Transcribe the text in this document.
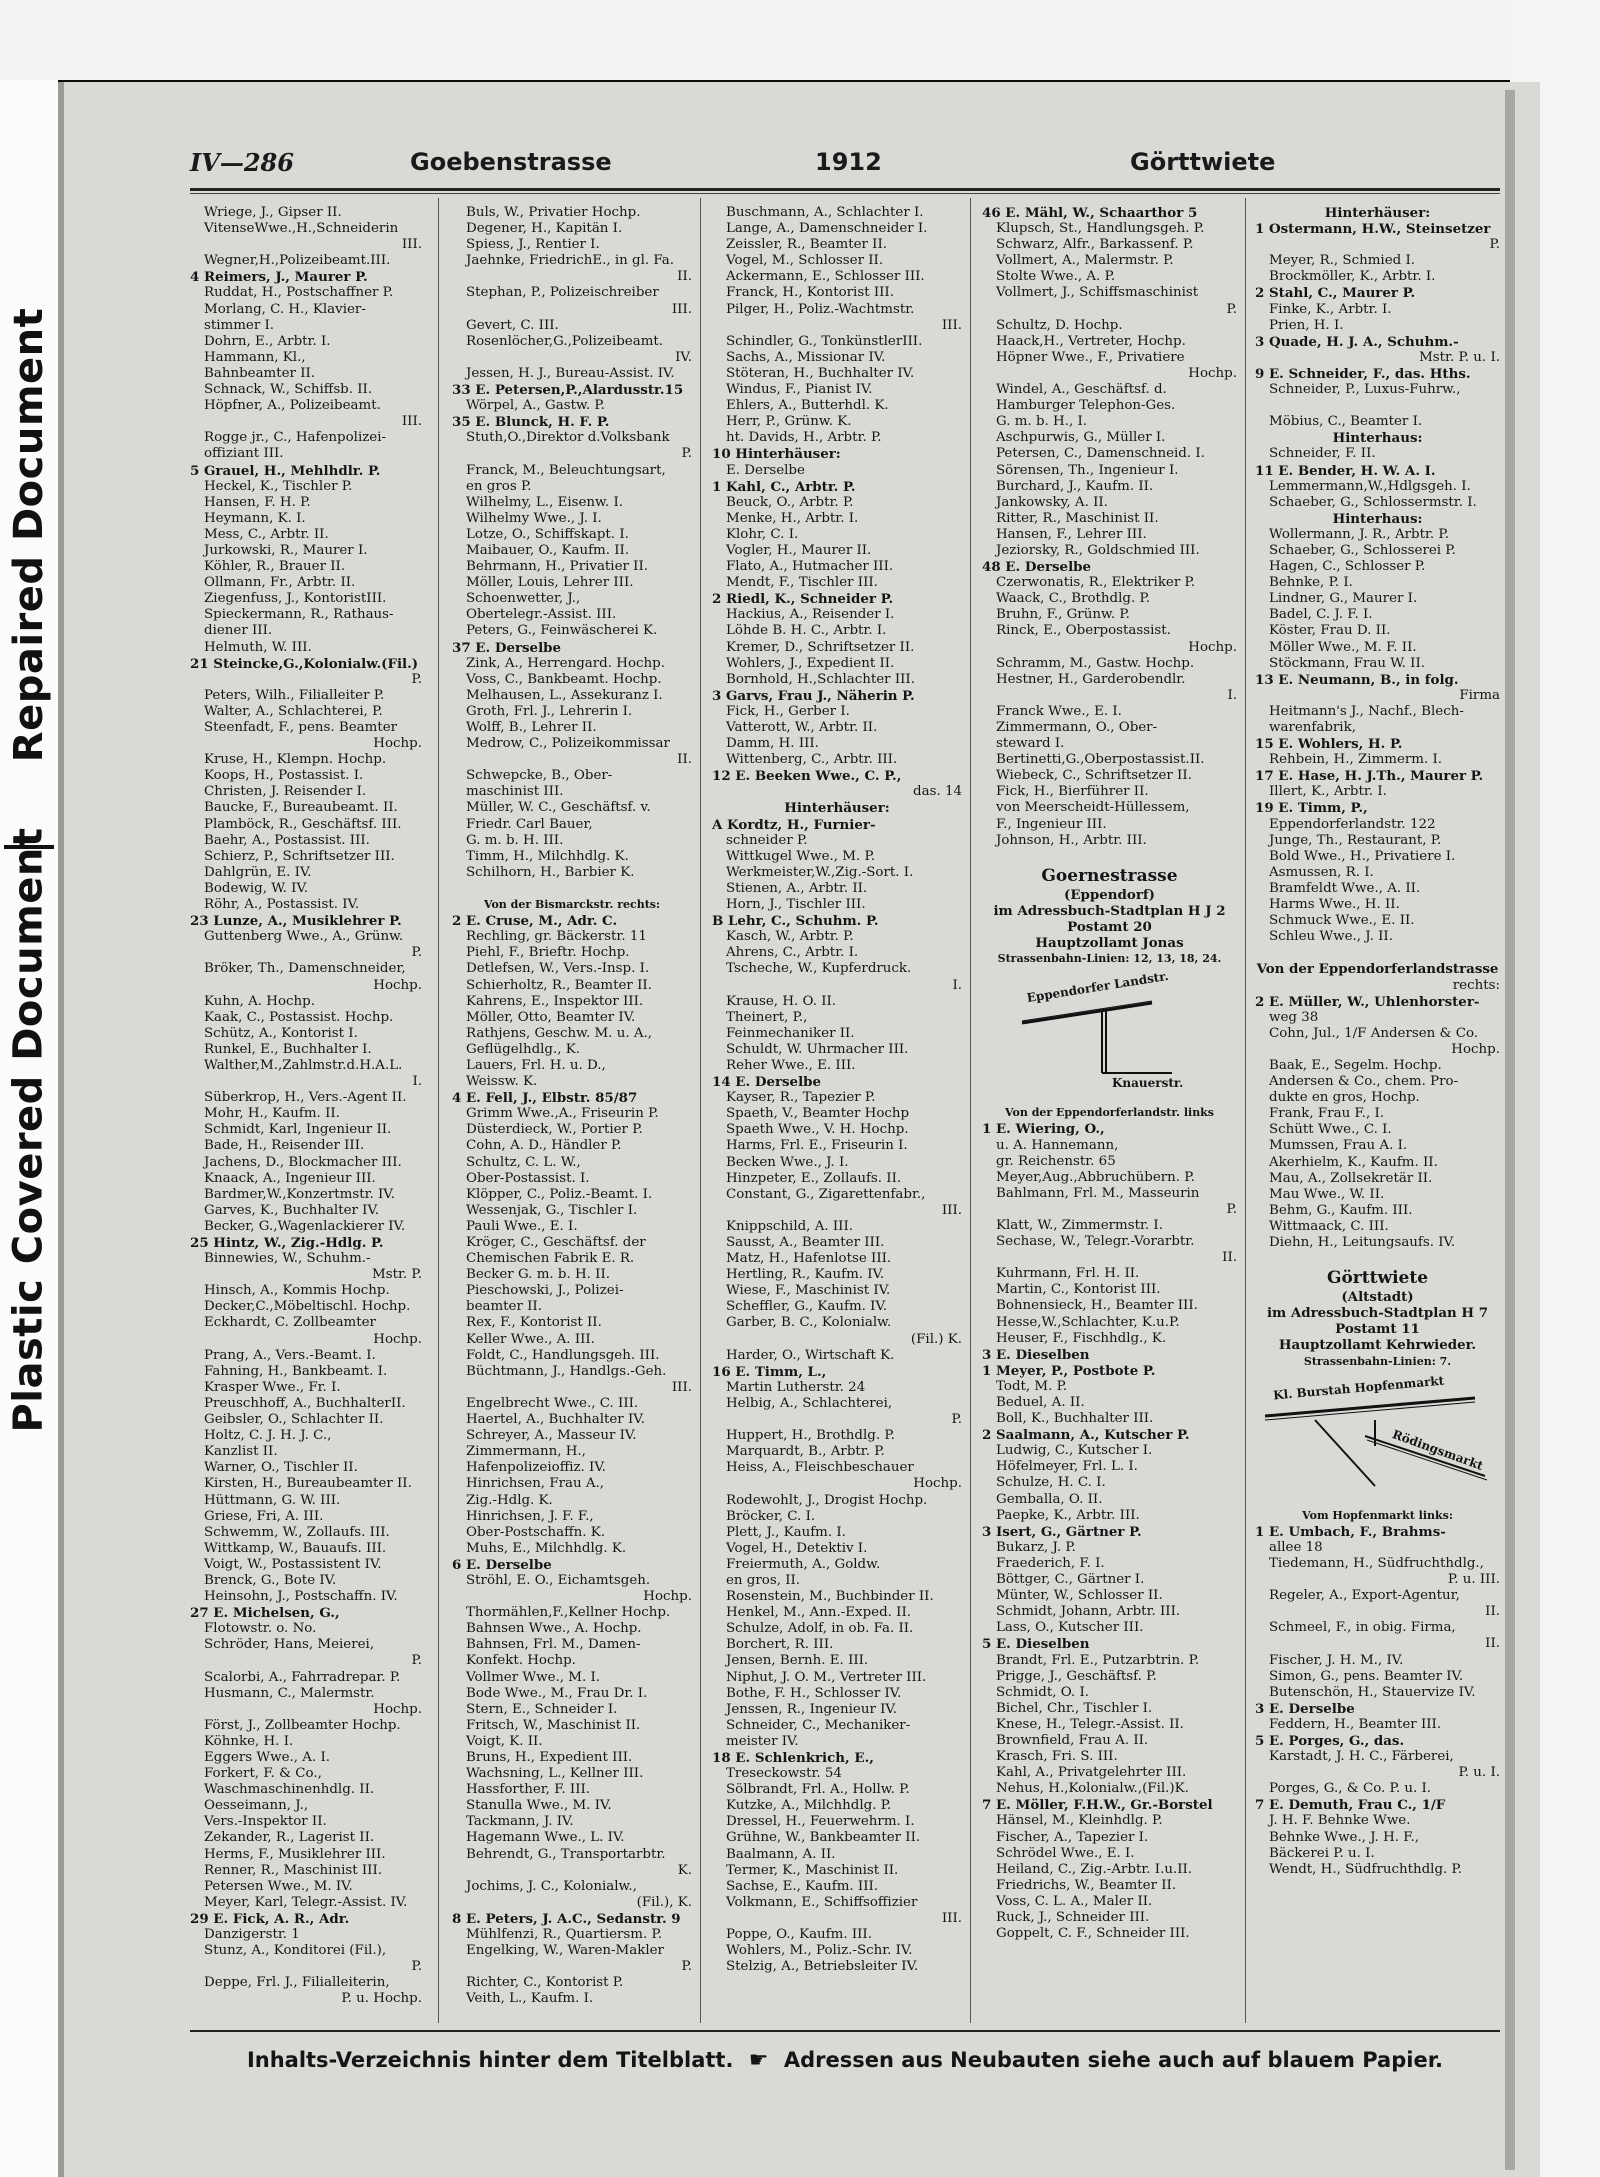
Repaired Document
Plastic Covered Document
IV—286	Goebenstrasse	1912	Görttwiete
Wriege, J., Gipser II.
VitenseWwe.,H.,Schneiderin
III.
Wegner,H.,Polizeibeamt.III.
4 Reimers, J., Maurer P.
Ruddat, H., Postschaffner P.
Morlang, C. H., Klavier-
stimmer I.
Dohrn, E., Arbtr. I.
Hammann, Kl.,
Bahnbeamter II.
Schnack, W., Schiffsb. II.
Höpfner, A., Polizeibeamt.
III.
Rogge jr., C., Hafenpolizei-
offiziant III.
5 Grauel, H., Mehlhdlr. P.
Heckel, K., Tischler P.
Hansen, F. H. P.
Heymann, K. I.
Mess, C., Arbtr. II.
Jurkowski, R., Maurer I.
Köhler, R., Brauer II.
Ollmann, Fr., Arbtr. II.
Ziegenfuss, J., KontoristIII.
Spieckermann, R., Rathaus-
diener III.
Helmuth, W. III.
21 Steincke,G.,Kolonialw.(Fil.)
P.
Peters, Wilh., Filialleiter P.
Walter, A., Schlachterei, P.
Steenfadt, F., pens. Beamter
Hochp.
Kruse, H., Klempn. Hochp.
Koops, H., Postassist. I.
Christen, J. Reisender I.
Baucke, F., Bureaubeamt. II.
Plamböck, R., Geschäftsf. III.
Baehr, A., Postassist. III.
Schierz, P., Schriftsetzer III.
Dahlgrün, E. IV.
Bodewig, W. IV.
Röhr, A., Postassist. IV.
23 Lunze, A., Musiklehrer P.
Guttenberg Wwe., A., Grünw.
P.
Bröker, Th., Damenschneider,
Hochp.
Kuhn, A. Hochp.
Kaak, C., Postassist. Hochp.
Schütz, A., Kontorist I.
Runkel, E., Buchhalter I.
Walther,M.,Zahlmstr.d.H.A.L.
I.
Süberkrop, H., Vers.-Agent II.
Mohr, H., Kaufm. II.
Schmidt, Karl, Ingenieur II.
Bade, H., Reisender III.
Jachens, D., Blockmacher III.
Knaack, A., Ingenieur III.
Bardmer,W.,Konzertmstr. IV.
Garves, K., Buchhalter IV.
Becker, G.,Wagenlackierer IV.
25 Hintz, W., Zig.-Hdlg. P.
Binnewies, W., Schuhm.-
Mstr. P.
Hinsch, A., Kommis Hochp.
Decker,C.,Möbeltischl. Hochp.
Eckhardt, C. Zollbeamter
Hochp.
Prang, A., Vers.-Beamt. I.
Fahning, H., Bankbeamt. I.
Krasper Wwe., Fr. I.
Preuschhoff, A., BuchhalterII.
Geibsler, O., Schlachter II.
Holtz, C. J. H. J. C.,
Kanzlist II.
Warner, O., Tischler II.
Kirsten, H., Bureaubeamter II.
Hüttmann, G. W. III.
Griese, Fri, A. III.
Schwemm, W., Zollaufs. III.
Wittkamp, W., Bauaufs. III.
Voigt, W., Postassistent IV.
Brenck, G., Bote IV.
Heinsohn, J., Postschaffn. IV.
27 E. Michelsen, G.,
Flotowstr. o. No.
Schröder, Hans, Meierei,
P.
Scalorbi, A., Fahrradrepar. P.
Husmann, C., Malermstr.
Hochp.
Först, J., Zollbeamter Hochp.
Köhnke, H. I.
Eggers Wwe., A. I.
Forkert, F. & Co.,
Waschmaschinenhdlg. II.
Oesseimann, J.,
Vers.-Inspektor II.
Zekander, R., Lagerist II.
Herms, F., Musiklehrer III.
Renner, R., Maschinist III.
Petersen Wwe., M. IV.
Meyer, Karl, Telegr.-Assist. IV.
29 E. Fick, A. R., Adr.
Danzigerstr. 1
Stunz, A., Konditorei (Fil.),
P.
Deppe, Frl. J., Filialleiterin,
P. u. Hochp.
Buls, W., Privatier Hochp.
Degener, H., Kapitän I.
Spiess, J., Rentier I.
Jaehnke, FriedrichE., in gl. Fa.
II.
Stephan, P., Polizeischreiber
III.
Gevert, C. III.
Rosenlöcher,G.,Polizeibeamt.
IV.
Jessen, H. J., Bureau-Assist. IV.
33 E. Petersen,P.,Alardusstr.15
Wörpel, A., Gastw. P.
35 E. Blunck, H. F. P.
Stuth,O.,Direktor d.Volksbank
P.
Franck, M., Beleuchtungsart,
en gros P.
Wilhelmy, L., Eisenw. I.
Wilhelmy Wwe., J. I.
Lotze, O., Schiffskapt. I.
Maibauer, O., Kaufm. II.
Behrmann, H., Privatier II.
Möller, Louis, Lehrer III.
Schoenwetter, J.,
Obertelegr.-Assist. III.
Peters, G., Feinwäscherei K.
37 E. Derselbe
Zink, A., Herrengard. Hochp.
Voss, C., Bankbeamt. Hochp.
Melhausen, L., Assekuranz I.
Groth, Frl. J., Lehrerin I.
Wolff, B., Lehrer II.
Medrow, C., Polizeikommissar
II.
Schwepcke, B., Ober-
maschinist III.
Müller, W. C., Geschäftsf. v.
Friedr. Carl Bauer,
G. m. b. H. III.
Timm, H., Milchhdlg. K.
Schilhorn, H., Barbier K.

Von der Bismarckstr. rechts:
2 E. Cruse, M., Adr. C.
Rechling, gr. Bäckerstr. 11
Piehl, F., Brieftr. Hochp.
Detlefsen, W., Vers.-Insp. I.
Schierholtz, R., Beamter II.
Kahrens, E., Inspektor III.
Möller, Otto, Beamter IV.
Rathjens, Geschw. M. u. A.,
Geflügelhdlg., K.
Lauers, Frl. H. u. D.,
Weissw. K.
4 E. Fell, J., Elbstr. 85/87
Grimm Wwe.,A., Friseurin P.
Düsterdieck, W., Portier P.
Cohn, A. D., Händler P.
Schultz, C. L. W.,
Ober-Postassist. I.
Klöpper, C., Poliz.-Beamt. I.
Wessenjak, G., Tischler I.
Pauli Wwe., E. I.
Kröger, C., Geschäftsf. der
Chemischen Fabrik E. R.
Becker G. m. b. H. II.
Pieschowski, J., Polizei-
beamter II.
Rex, F., Kontorist II.
Keller Wwe., A. III.
Foldt, C., Handlungsgeh. III.
Büchtmann, J., Handlgs.-Geh.
III.
Engelbrecht Wwe., C. III.
Haertel, A., Buchhalter IV.
Schreyer, A., Masseur IV.
Zimmermann, H.,
Hafenpolizeioffiz. IV.
Hinrichsen, Frau A.,
Zig.-Hdlg. K.
Hinrichsen, J. F. F.,
Ober-Postschaffn. K.
Muhs, E., Milchhdlg. K.
6 E. Derselbe
Ströhl, E. O., Eichamtsgeh.
Hochp.
Thormählen,F.,Kellner Hochp.
Bahnsen Wwe., A. Hochp.
Bahnsen, Frl. M., Damen-
Konfekt. Hochp.
Vollmer Wwe., M. I.
Bode Wwe., M., Frau Dr. I.
Stern, E., Schneider I.
Fritsch, W., Maschinist II.
Voigt, K. II.
Bruns, H., Expedient III.
Wachsning, L., Kellner III.
Hassforther, F. III.
Stanulla Wwe., M. IV.
Tackmann, J. IV.
Hagemann Wwe., L. IV.
Behrendt, G., Transportarbtr.
K.
Jochims, J. C., Kolonialw.,
(Fil.), K.
8 E. Peters, J. A.C., Sedanstr. 9
Mühlfenzi, R., Quartiersm. P.
Engelking, W., Waren-Makler
P.
Richter, C., Kontorist P.
Veith, L., Kaufm. I.
Buschmann, A., Schlachter I.
Lange, A., Damenschneider I.
Zeissler, R., Beamter II.
Vogel, M., Schlosser II.
Ackermann, E., Schlosser III.
Franck, H., Kontorist III.
Pilger, H., Poliz.-Wachtmstr.
III.
Schindler, G., TonkünstlerIII.
Sachs, A., Missionar IV.
Stöteran, H., Buchhalter IV.
Windus, F., Pianist IV.
Ehlers, A., Butterhdl. K.
Herr, P., Grünw. K.
ht. Davids, H., Arbtr. P.
10 Hinterhäuser:
E. Derselbe
1 Kahl, C., Arbtr. P.
Beuck, O., Arbtr. P.
Menke, H., Arbtr. I.
Klohr, C. I.
Vogler, H., Maurer II.
Flato, A., Hutmacher III.
Mendt, F., Tischler III.
2 Riedl, K., Schneider P.
Hackius, A., Reisender I.
Löhde B. H. C., Arbtr. I.
Kremer, D., Schriftsetzer II.
Wohlers, J., Expedient II.
Bornhold, H.,Schlachter III.
3 Garvs, Frau J., Näherin P.
Fick, H., Gerber I.
Vatterott, W., Arbtr. II.
Damm, H. III.
Wittenberg, C., Arbtr. III.
12 E. Beeken Wwe., C. P.,
das. 14
Hinterhäuser:
A Kordtz, H., Furnier-
schneider P.
Wittkugel Wwe., M. P.
Werkmeister,W.,Zig.-Sort. I.
Stienen, A., Arbtr. II.
Horn, J., Tischler III.
B Lehr, C., Schuhm. P.
Kasch, W., Arbtr. P.
Ahrens, C., Arbtr. I.
Tscheche, W., Kupferdruck.
I.
Krause, H. O. II.
Theinert, P.,
Feinmechaniker II.
Schuldt, W. Uhrmacher III.
Reher Wwe., E. III.
14 E. Derselbe
Kayser, R., Tapezier P.
Spaeth, V., Beamter Hochp
Spaeth Wwe., V. H. Hochp.
Harms, Frl. E., Friseurin I.
Becken Wwe., J. I.
Hinzpeter, E., Zollaufs. II.
Constant, G., Zigarettenfabr.,
III.
Knippschild, A. III.
Sausst, A., Beamter III.
Matz, H., Hafenlotse III.
Hertling, R., Kaufm. IV.
Wiese, F., Maschinist IV.
Scheffler, G., Kaufm. IV.
Garber, B. C., Kolonialw.
(Fil.) K.
Harder, O., Wirtschaft K.
16 E. Timm, L.,
Martin Lutherstr. 24
Helbig, A., Schlachterei,
P.
Huppert, H., Brothdlg. P.
Marquardt, B., Arbtr. P.
Heiss, A., Fleischbeschauer
Hochp.
Rodewohlt, J., Drogist Hochp.
Bröcker, C. I.
Plett, J., Kaufm. I.
Vogel, H., Detektiv I.
Freiermuth, A., Goldw.
en gros, II.
Rosenstein, M., Buchbinder II.
Henkel, M., Ann.-Exped. II.
Schulze, Adolf, in ob. Fa. II.
Borchert, R. III.
Jensen, Bernh. E. III.
Niphut, J. O. M., Vertreter III.
Bothe, F. H., Schlosser IV.
Jenssen, R., Ingenieur IV.
Schneider, C., Mechaniker-
meister IV.
18 E. Schlenkrich, E.,
Treseckowstr. 54
Sölbrandt, Frl. A., Hollw. P.
Kutzke, A., Milchhdlg. P.
Dressel, H., Feuerwehrm. I.
Grühne, W., Bankbeamter II.
Baalmann, A. II.
Termer, K., Maschinist II.
Sachse, E., Kaufm. III.
Volkmann, E., Schiffsoffizier
III.
Poppe, O., Kaufm. III.
Wohlers, M., Poliz.-Schr. IV.
Stelzig, A., Betriebsleiter IV.
46 E. Mähl, W., Schaarthor 5
Klupsch, St., Handlungsgeh. P.
Schwarz, Alfr., Barkassenf. P.
Vollmert, A., Malermstr. P.
Stolte Wwe., A. P.
Vollmert, J., Schiffsmaschinist
P.
Schultz, D. Hochp.
Haack,H., Vertreter, Hochp.
Höpner Wwe., F., Privatiere
Hochp.
Windel, A., Geschäftsf. d.
Hamburger Telephon-Ges.
G. m. b. H., I.
Aschpurwis, G., Müller I.
Petersen, C., Damenschneid. I.
Sörensen, Th., Ingenieur I.
Burchard, J., Kaufm. II.
Jankowsky, A. II.
Ritter, R., Maschinist II.
Hansen, F., Lehrer III.
Jeziorsky, R., Goldschmied III.
48 E. Derselbe
Czerwonatis, R., Elektriker P.
Waack, C., Brothdlg. P.
Bruhn, F., Grünw. P.
Rinck, E., Oberpostassist.
Hochp.
Schramm, M., Gastw. Hochp.
Hestner, H., Garderobendlr.
I.
Franck Wwe., E. I.
Zimmermann, O., Ober-
steward I.
Bertinetti,G.,Oberpostassist.II.
Wiebeck, C., Schriftsetzer II.
Fick, H., Bierführer II.
von Meerscheidt-Hüllessem,
F., Ingenieur III.
Johnson, H., Arbtr. III.

Goernestrasse
(Eppendorf)
im Adressbuch-Stadtplan H J 2
Postamt 20
Hauptzollamt Jonas
Strassenbahn-Linien: 12, 13, 18, 24.
Eppendorfer Landstr.
Knauerstr.
Von der Eppendorferlandstr. links
1 E. Wiering, O.,
u. A. Hannemann,
gr. Reichenstr. 65
Meyer,Aug.,Abbruchübern. P.
Bahlmann, Frl. M., Masseurin
P.
Klatt, W., Zimmermstr. I.
Sechase, W., Telegr.-Vorarbtr.
II.
Kuhrmann, Frl. H. II.
Martin, C., Kontorist III.
Bohnensieck, H., Beamter III.
Hesse,W.,Schlachter, K.u.P.
Heuser, F., Fischhdlg., K.
3 E. Dieselben
1 Meyer, P., Postbote P.
Todt, M. P.
Beduel, A. II.
Boll, K., Buchhalter III.
2 Saalmann, A., Kutscher P.
Ludwig, C., Kutscher I.
Höfelmeyer, Frl. L. I.
Schulze, H. C. I.
Gemballa, O. II.
Paepke, K., Arbtr. III.
3 Isert, G., Gärtner P.
Bukarz, J. P.
Fraederich, F. I.
Böttger, C., Gärtner I.
Münter, W., Schlosser II.
Schmidt, Johann, Arbtr. III.
Lass, O., Kutscher III.
5 E. Dieselben
Brandt, Frl. E., Putzarbtrin. P.
Prigge, J., Geschäftsf. P.
Schmidt, O. I.
Bichel, Chr., Tischler I.
Knese, H., Telegr.-Assist. II.
Brownfield, Frau A. II.
Krasch, Fri. S. III.
Kahl, A., Privatgelehrter III.
Nehus, H.,Kolonialw.,(Fil.)K.
7 E. Möller, F.H.W., Gr.-Borstel
Hänsel, M., Kleinhdlg. P.
Fischer, A., Tapezier I.
Schrödel Wwe., E. I.
Heiland, C., Zig.-Arbtr. I.u.II.
Friedrichs, W., Beamter II.
Voss, C. L. A., Maler II.
Ruck, J., Schneider III.
Goppelt, C. F., Schneider III.
Hinterhäuser:
1 Ostermann, H.W., Steinsetzer
P.
Meyer, R., Schmied I.
Brockmöller, K., Arbtr. I.
2 Stahl, C., Maurer P.
Finke, K., Arbtr. I.
Prien, H. I.
3 Quade, H. J. A., Schuhm.-
Mstr. P. u. I.
9 E. Schneider, F., das. Hths.
Schneider, P., Luxus-Fuhrw.,

Möbius, C., Beamter I.
Hinterhaus:
Schneider, F. II.
11 E. Bender, H. W. A. I.
Lemmermann,W.,Hdlgsgeh. I.
Schaeber, G., Schlossermstr. I.
Hinterhaus:
Wollermann, J. R., Arbtr. P.
Schaeber, G., Schlosserei P.
Hagen, C., Schlosser P.
Behnke, P. I.
Lindner, G., Maurer I.
Badel, C. J. F. I.
Köster, Frau D. II.
Möller Wwe., M. F. II.
Stöckmann, Frau W. II.
13 E. Neumann, B., in folg.
Firma
Heitmann's J., Nachf., Blech-
warenfabrik,
15 E. Wohlers, H. P.
Rehbein, H., Zimmerm. I.
17 E. Hase, H. J.Th., Maurer P.
Illert, K., Arbtr. I.
19 E. Timm, P.,
Eppendorferlandstr. 122
Junge, Th., Restaurant, P.
Bold Wwe., H., Privatiere I.
Asmussen, R. I.
Bramfeldt Wwe., A. II.
Harms Wwe., H. II.
Schmuck Wwe., E. II.
Schleu Wwe., J. II.

Von der Eppendorferlandstrasse
rechts:
2 E. Müller, W., Uhlenhorster-
weg 38
Cohn, Jul., 1/F Andersen & Co.
Hochp.
Baak, E., Segelm. Hochp.
Andersen & Co., chem. Pro-
dukte en gros, Hochp.
Frank, Frau F., I.
Schütt Wwe., C. I.
Mumssen, Frau A. I.
Akerhielm, K., Kaufm. II.
Mau, A., Zollsekretär II.
Mau Wwe., W. II.
Behm, G., Kaufm. III.
Wittmaack, C. III.
Diehn, H., Leitungsaufs. IV.

Görttwiete
(Altstadt)
im Adressbuch-Stadtplan H 7
Postamt 11
Hauptzollamt Kehrwieder.
Strassenbahn-Linien: 7.
Kl. Burstah Hopfenmarkt
Rödingsmarkt
Vom Hopfenmarkt links:
1 E. Umbach, F., Brahms-
allee 18
Tiedemann, H., Südfruchthdlg.,
P. u. III.
Regeler, A., Export-Agentur,
II.
Schmeel, F., in obig. Firma,
II.
Fischer, J. H. M., IV.
Simon, G., pens. Beamter IV.
Butenschön, H., Stauervize IV.
3 E. Derselbe
Feddern, H., Beamter III.
5 E. Porges, G., das.
Karstadt, J. H. C., Färberei,
P. u. I.
Porges, G., & Co. P. u. I.
7 E. Demuth, Frau C., 1/F
J. H. F. Behnke Wwe.
Behnke Wwe., J. H. F.,
Bäckerei P. u. I.
Wendt, H., Südfruchthdlg. P.
Inhalts-Verzeichnis hinter dem Titelblatt. ☛ Adressen aus Neubauten siehe auch auf blauem Papier.
